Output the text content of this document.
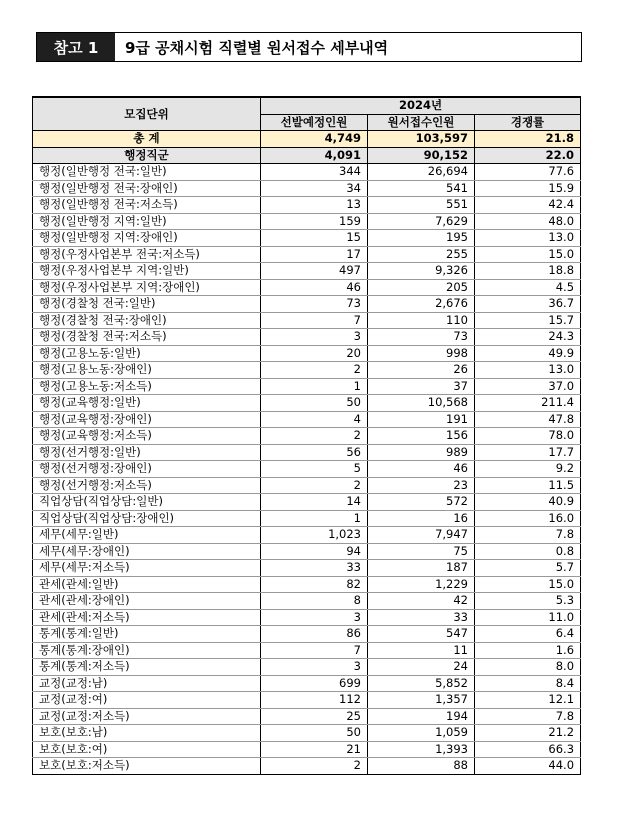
참고 1	9급 공채시험 직렬별 원서접수 세부내역
모집단위	2024년		
	선발예정인원	원서접수인원	경쟁률
총 계	4,749	103,597	21.8
행정직군	4,091	90,152	22.0
행정(일반행정 전국:일반)	344	26,694	77.6
행정(일반행정 전국:장애인)	34	541	15.9
행정(일반행정 전국:저소득)	13	551	42.4
행정(일반행정 지역:일반)	159	7,629	48.0
행정(일반행정 지역:장애인)	15	195	13.0
행정(우정사업본부 전국:저소득)	17	255	15.0
행정(우정사업본부 지역:일반)	497	9,326	18.8
행정(우정사업본부 지역:장애인)	46	205	4.5
행정(경찰청 전국:일반)	73	2,676	36.7
행정(경찰청 전국:장애인)	7	110	15.7
행정(경찰청 전국:저소득)	3	73	24.3
행정(고용노동:일반)	20	998	49.9
행정(고용노동:장애인)	2	26	13.0
행정(고용노동:저소득)	1	37	37.0
행정(교육행정:일반)	50	10,568	211.4
행정(교육행정:장애인)	4	191	47.8
행정(교육행정:저소득)	2	156	78.0
행정(선거행정:일반)	56	989	17.7
행정(선거행정:장애인)	5	46	9.2
행정(선거행정:저소득)	2	23	11.5
직업상담(직업상담:일반)	14	572	40.9
직업상담(직업상담:장애인)	1	16	16.0
세무(세무:일반)	1,023	7,947	7.8
세무(세무:장애인)	94	75	0.8
세무(세무:저소득)	33	187	5.7
관세(관세:일반)	82	1,229	15.0
관세(관세:장애인)	8	42	5.3
관세(관세:저소득)	3	33	11.0
통계(통계:일반)	86	547	6.4
통계(통계:장애인)	7	11	1.6
통계(통계:저소득)	3	24	8.0
교정(교정:남)	699	5,852	8.4
교정(교정:여)	112	1,357	12.1
교정(교정:저소득)	25	194	7.8
보호(보호:남)	50	1,059	21.2
보호(보호:여)	21	1,393	66.3
보호(보호:저소득)	2	88	44.0
